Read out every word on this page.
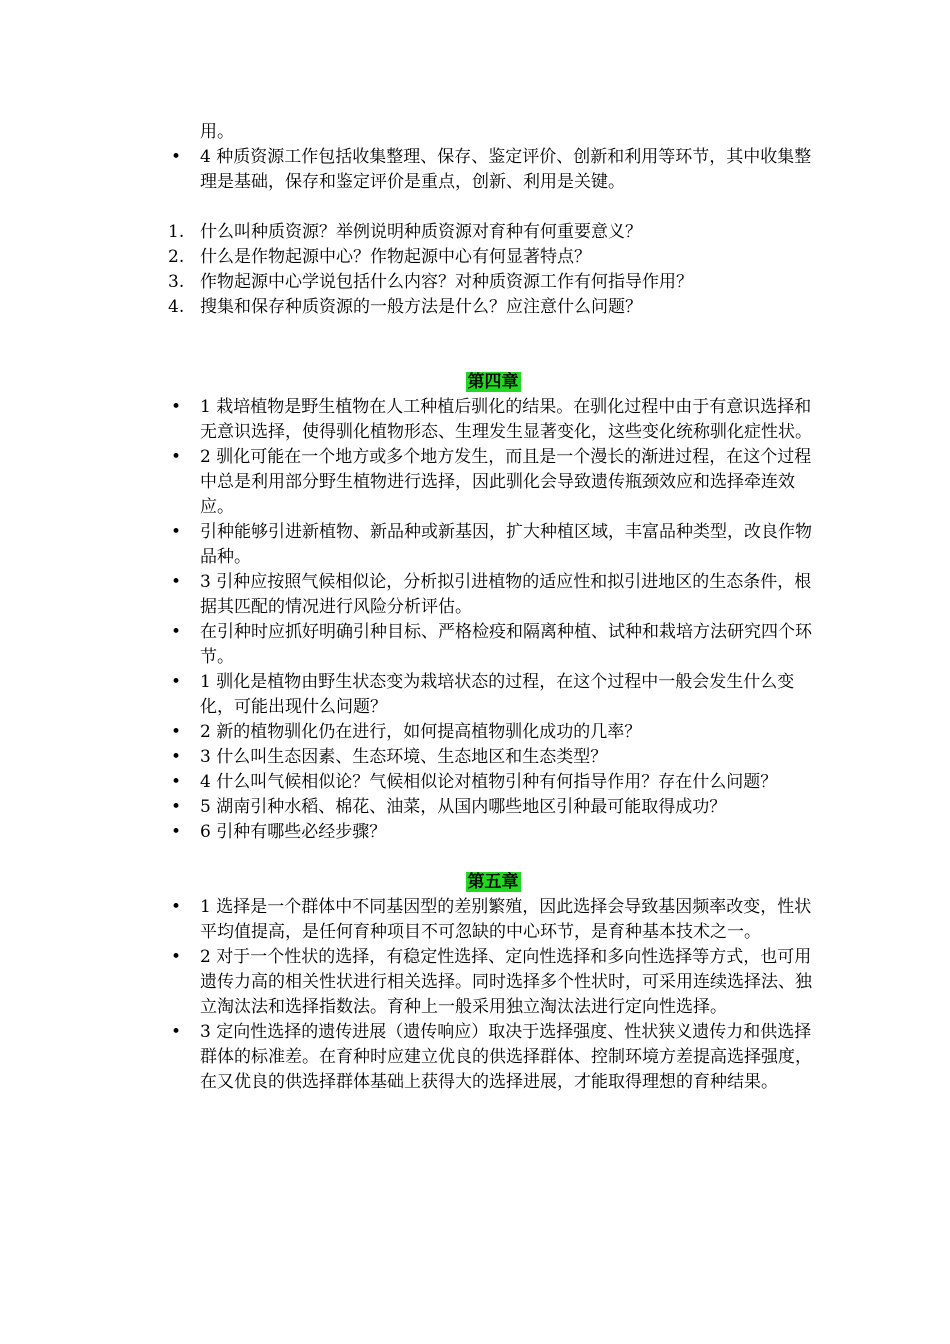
用。
• 4 种质资源工作包括收集整理、保存、鉴定评价、创新和利用等环节，其中收集整理是基础，保存和鉴定评价是重点，创新、利用是关键。
1. 什么叫种质资源？举例说明种质资源对育种有何重要意义？
2. 什么是作物起源中心？作物起源中心有何显著特点？
3. 作物起源中心学说包括什么内容？对种质资源工作有何指导作用？
4. 搜集和保存种质资源的一般方法是什么？应注意什么问题？

第四章

• 1 栽培植物是野生植物在人工种植后驯化的结果。在驯化过程中由于有意识选择和无意识选择，使得驯化植物形态、生理发生显著变化，这些变化统称驯化症性状。
• 2 驯化可能在一个地方或多个地方发生，而且是一个漫长的渐进过程，在这个过程中总是利用部分野生植物进行选择，因此驯化会导致遗传瓶颈效应和选择牵连效应。
• 引种能够引进新植物、新品种或新基因，扩大种植区域，丰富品种类型，改良作物品种。
• 3 引种应按照气候相似论，分析拟引进植物的适应性和拟引进地区的生态条件，根据其匹配的情况进行风险分析评估。
• 在引种时应抓好明确引种目标、严格检疫和隔离种植、试种和栽培方法研究四个环节。
• 1 驯化是植物由野生状态变为栽培状态的过程，在这个过程中一般会发生什么变化，可能出现什么问题？
• 2 新的植物驯化仍在进行，如何提高植物驯化成功的几率？
• 3 什么叫生态因素、生态环境、生态地区和生态类型？
• 4 什么叫气候相似论？气候相似论对植物引种有何指导作用？存在什么问题？
• 5 湖南引种水稻、棉花、油菜，从国内哪些地区引种最可能取得成功？
• 6 引种有哪些必经步骤？

第五章

• 1 选择是一个群体中不同基因型的差别繁殖，因此选择会导致基因频率改变，性状平均值提高，是任何育种项目不可忽缺的中心环节，是育种基本技术之一。
• 2 对于一个性状的选择，有稳定性选择、定向性选择和多向性选择等方式，也可用遗传力高的相关性状进行相关选择。同时选择多个性状时，可采用连续选择法、独立淘汰法和选择指数法。育种上一般采用独立淘汰法进行定向性选择。
• 3 定向性选择的遗传进展（遗传响应）取决于选择强度、性状狭义遗传力和供选择群体的标准差。在育种时应建立优良的供选择群体、控制环境方差提高选择强度，在又优良的供选择群体基础上获得大的选择进展，才能取得理想的育种结果。
